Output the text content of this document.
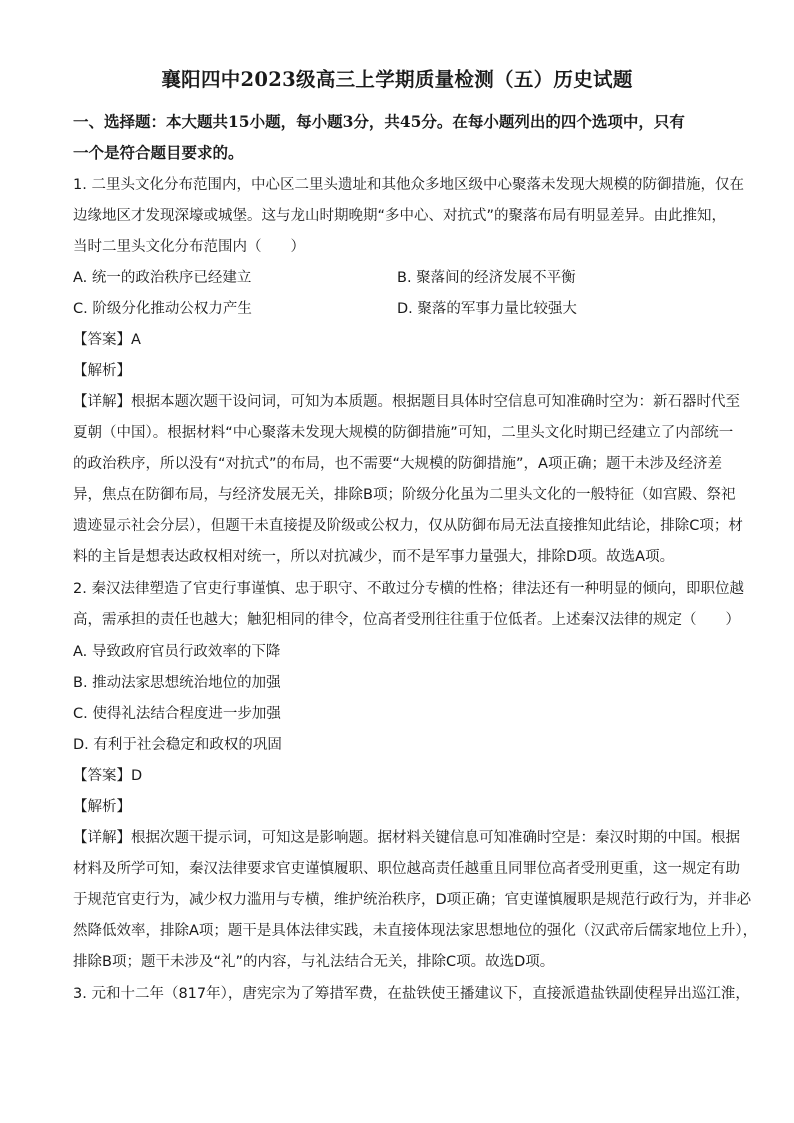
襄阳四中2023级高三上学期质量检测（五）历史试题
一、选择题：本大题共15小题，每小题3分，共45分。在每小题列出的四个选项中，只有
一个是符合题目要求的。
1. 二里头文化分布范围内，中心区二里头遗址和其他众多地区级中心聚落未发现大规模的防御措施，仅在
边缘地区才发现深壕或城堡。这与龙山时期晚期“多中心、对抗式”的聚落布局有明显差异。由此推知，
当时二里头文化分布范围内（　　）
A. 统一的政治秩序已经建立	B. 聚落间的经济发展不平衡
C. 阶级分化推动公权力产生	D. 聚落的军事力量比较强大
【答案】A
【解析】
【详解】根据本题次题干设问词，可知为本质题。根据题目具体时空信息可知准确时空为：新石器时代至
夏朝（中国）。根据材料“中心聚落未发现大规模的防御措施”可知，二里头文化时期已经建立了内部统一
的政治秩序，所以没有“对抗式”的布局，也不需要“大规模的防御措施”，A项正确；题干未涉及经济差
异，焦点在防御布局，与经济发展无关，排除B项；阶级分化虽为二里头文化的一般特征（如宫殿、祭祀
遗迹显示社会分层），但题干未直接提及阶级或公权力，仅从防御布局无法直接推知此结论，排除C项；材
料的主旨是想表达政权相对统一，所以对抗减少，而不是军事力量强大，排除D项。故选A项。
2. 秦汉法律塑造了官吏行事谨慎、忠于职守、不敢过分专横的性格；律法还有一种明显的倾向，即职位越
高，需承担的责任也越大；触犯相同的律令，位高者受刑往往重于位低者。上述秦汉法律的规定（　　）
A. 导致政府官员行政效率的下降
B. 推动法家思想统治地位的加强
C. 使得礼法结合程度进一步加强
D. 有利于社会稳定和政权的巩固
【答案】D
【解析】
【详解】根据次题干提示词，可知这是影响题。据材料关键信息可知准确时空是：秦汉时期的中国。根据
材料及所学可知，秦汉法律要求官吏谨慎履职、职位越高责任越重且同罪位高者受刑更重，这一规定有助
于规范官吏行为，减少权力滥用与专横，维护统治秩序，D项正确；官吏谨慎履职是规范行政行为，并非必
然降低效率，排除A项；题干是具体法律实践，未直接体现法家思想地位的强化（汉武帝后儒家地位上升），
排除B项；题干未涉及“礼”的内容，与礼法结合无关，排除C项。故选D项。
3. 元和十二年（817年），唐宪宗为了筹措军费，在盐铁使王播建议下，直接派遣盐铁副使程异出巡江淮，
